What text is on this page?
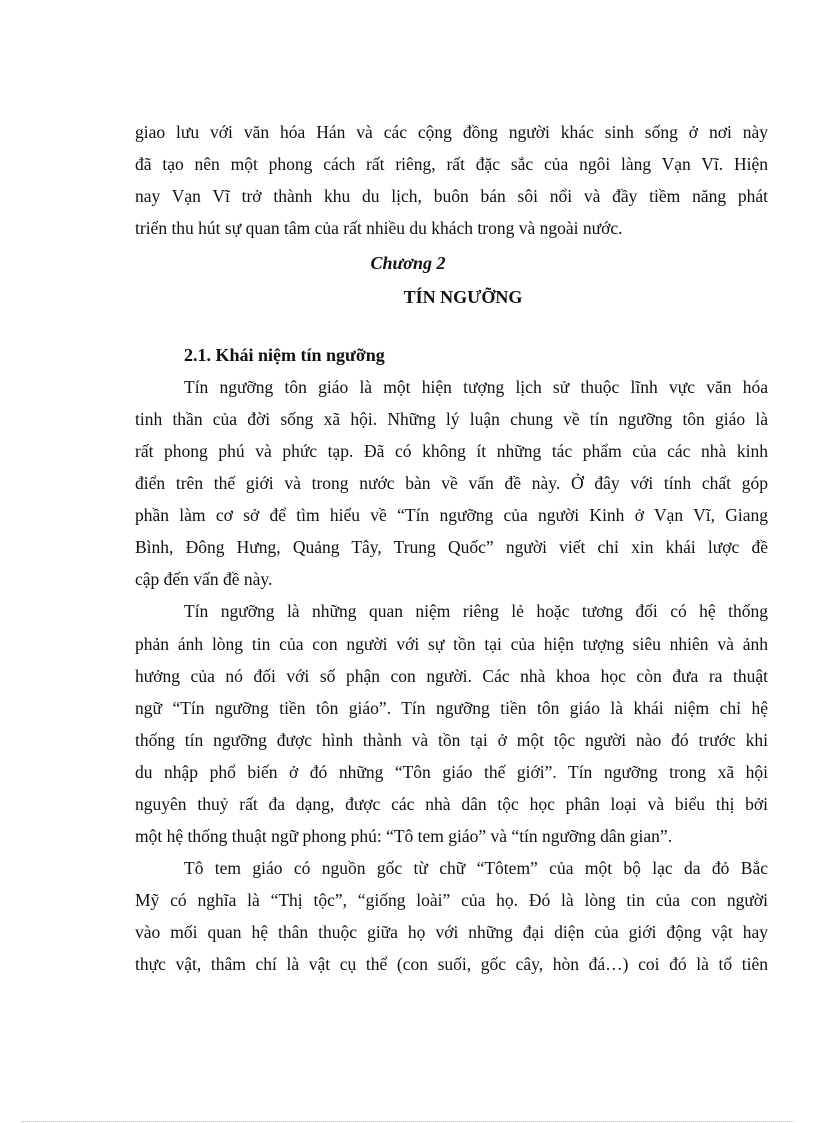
giao lưu với văn hóa Hán và các cộng đồng người khác sinh sống ở nơi này
đã tạo nên một phong cách rất riêng, rất đặc sắc của ngôi làng Vạn Vĩ. Hiện
nay Vạn Vĩ trở thành khu du lịch, buôn bán sôi nổi và đầy tiềm năng phát
triển thu hút sự quan tâm của rất nhiều du khách trong và ngoài nước.
Chương 2
TÍN NGƯỠNG
2.1. Khái niệm tín ngưỡng
Tín ngưỡng tôn giáo là một hiện tượng lịch sử thuộc lĩnh vực văn hóa
tinh thần của đời sống xã hội. Những lý luận chung về tín ngưỡng tôn giáo là
rất phong phú và phức tạp. Đã có không ít những tác phẩm của các nhà kinh
điển trên thế giới và trong nước bàn về vấn đề này. Ở đây với tính chất góp
phần làm cơ sở để tìm hiểu về “Tín ngưỡng của người Kinh ở Vạn Vĩ, Giang
Bình, Đông Hưng, Quảng Tây, Trung Quốc” người viết chỉ xin khái lược đề
cập đến vấn đề này.
Tín ngưỡng là những quan niệm riêng lẻ hoặc tương đối có hệ thống
phản ánh lòng tin của con người với sự tồn tại của hiện tượng siêu nhiên và ảnh
hưởng của nó đối với số phận con người. Các nhà khoa học còn đưa ra thuật
ngữ “Tín ngưỡng tiền tôn giáo”. Tín ngưỡng tiền tôn giáo là khái niệm chỉ hệ
thống tín ngưỡng được hình thành và tồn tại ở một tộc người nào đó trước khi
du nhập phổ biến ở đó những “Tôn giáo thế giới”. Tín ngưỡng trong xã hội
nguyên thuỷ rất đa dạng, được các nhà dân tộc học phân loại và biểu thị bởi
một hệ thống thuật ngữ phong phú: “Tô tem giáo” và “tín ngưỡng dân gian”.
Tô tem giáo có nguồn gốc từ chữ “Tôtem” của một bộ lạc da đỏ Bắc
Mỹ có nghĩa là “Thị tộc”, “giống loài” của họ. Đó là lòng tin của con người
vào mối quan hệ thân thuộc giữa họ với những đại diện của giới động vật hay
thực vật, thâm chí là vật cụ thể (con suối, gốc cây, hòn đá…) coi đó là tổ tiên
